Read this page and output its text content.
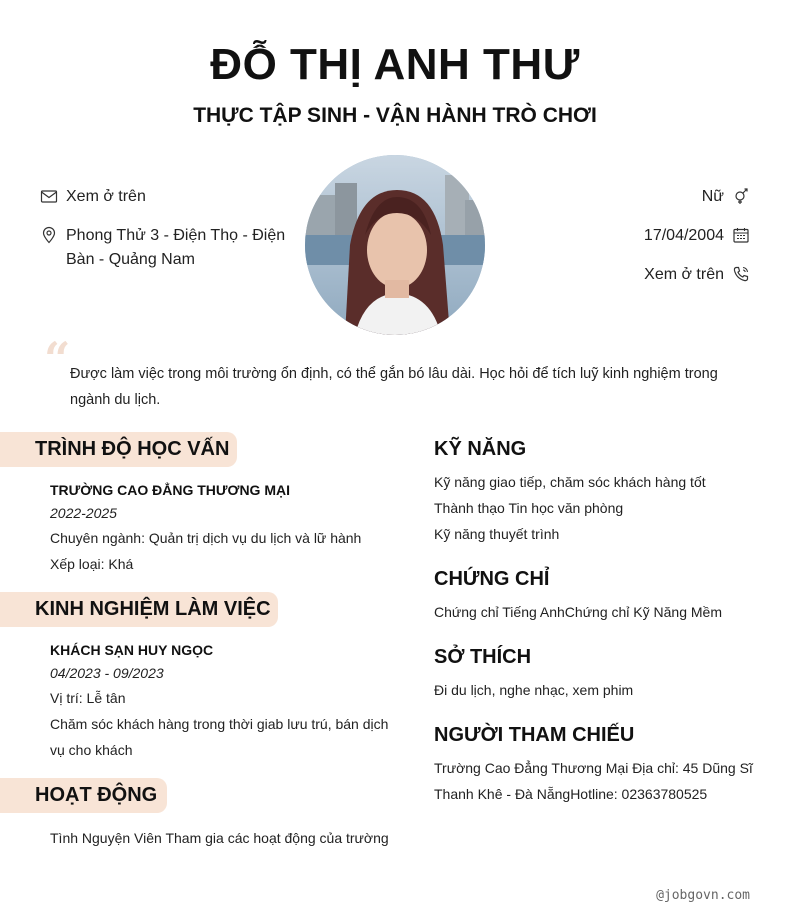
ĐỖ THỊ ANH THƯ
THỰC TẬP SINH - VẬN HÀNH TRÒ CHƠI
Xem ở trên
Phong Thử 3 - Điện Thọ - Điện
Bàn - Quảng Nam
Nữ
17/04/2004
Xem ở trên
“ Được làm việc trong môi trường ổn định, có thể gắn bó lâu dài. Học hỏi để tích luỹ kinh nghiệm trong
ngành du lịch.
TRÌNH ĐỘ HỌC VẤN
TRƯỜNG CAO ĐẲNG THƯƠNG MẠI
2022-2025
Chuyên ngành: Quản trị dịch vụ du lịch và lữ hành
Xếp loại: Khá
KINH NGHIỆM LÀM VIỆC
KHÁCH SẠN HUY NGỌC
04/2023 - 09/2023
Vị trí: Lễ tân
Chăm sóc khách hàng trong thời giab lưu trú, bán dịch
vụ cho khách
HOẠT ĐỘNG
Tình Nguyện Viên Tham gia các hoạt động của trường
KỸ NĂNG
Kỹ năng giao tiếp, chăm sóc khách hàng tốt
Thành thạo Tin học văn phòng
Kỹ năng thuyết trình
CHỨNG CHỈ
Chứng chỉ Tiếng AnhChứng chỉ Kỹ Năng Mềm
SỞ THÍCH
Đi du lịch, nghe nhạc, xem phim
NGƯỜI THAM CHIẾU
Trường Cao Đẳng Thương Mại Địa chỉ: 45 Dũng Sĩ
Thanh Khê - Đà NẵngHotline: 02363780525
@jobgovn.com
